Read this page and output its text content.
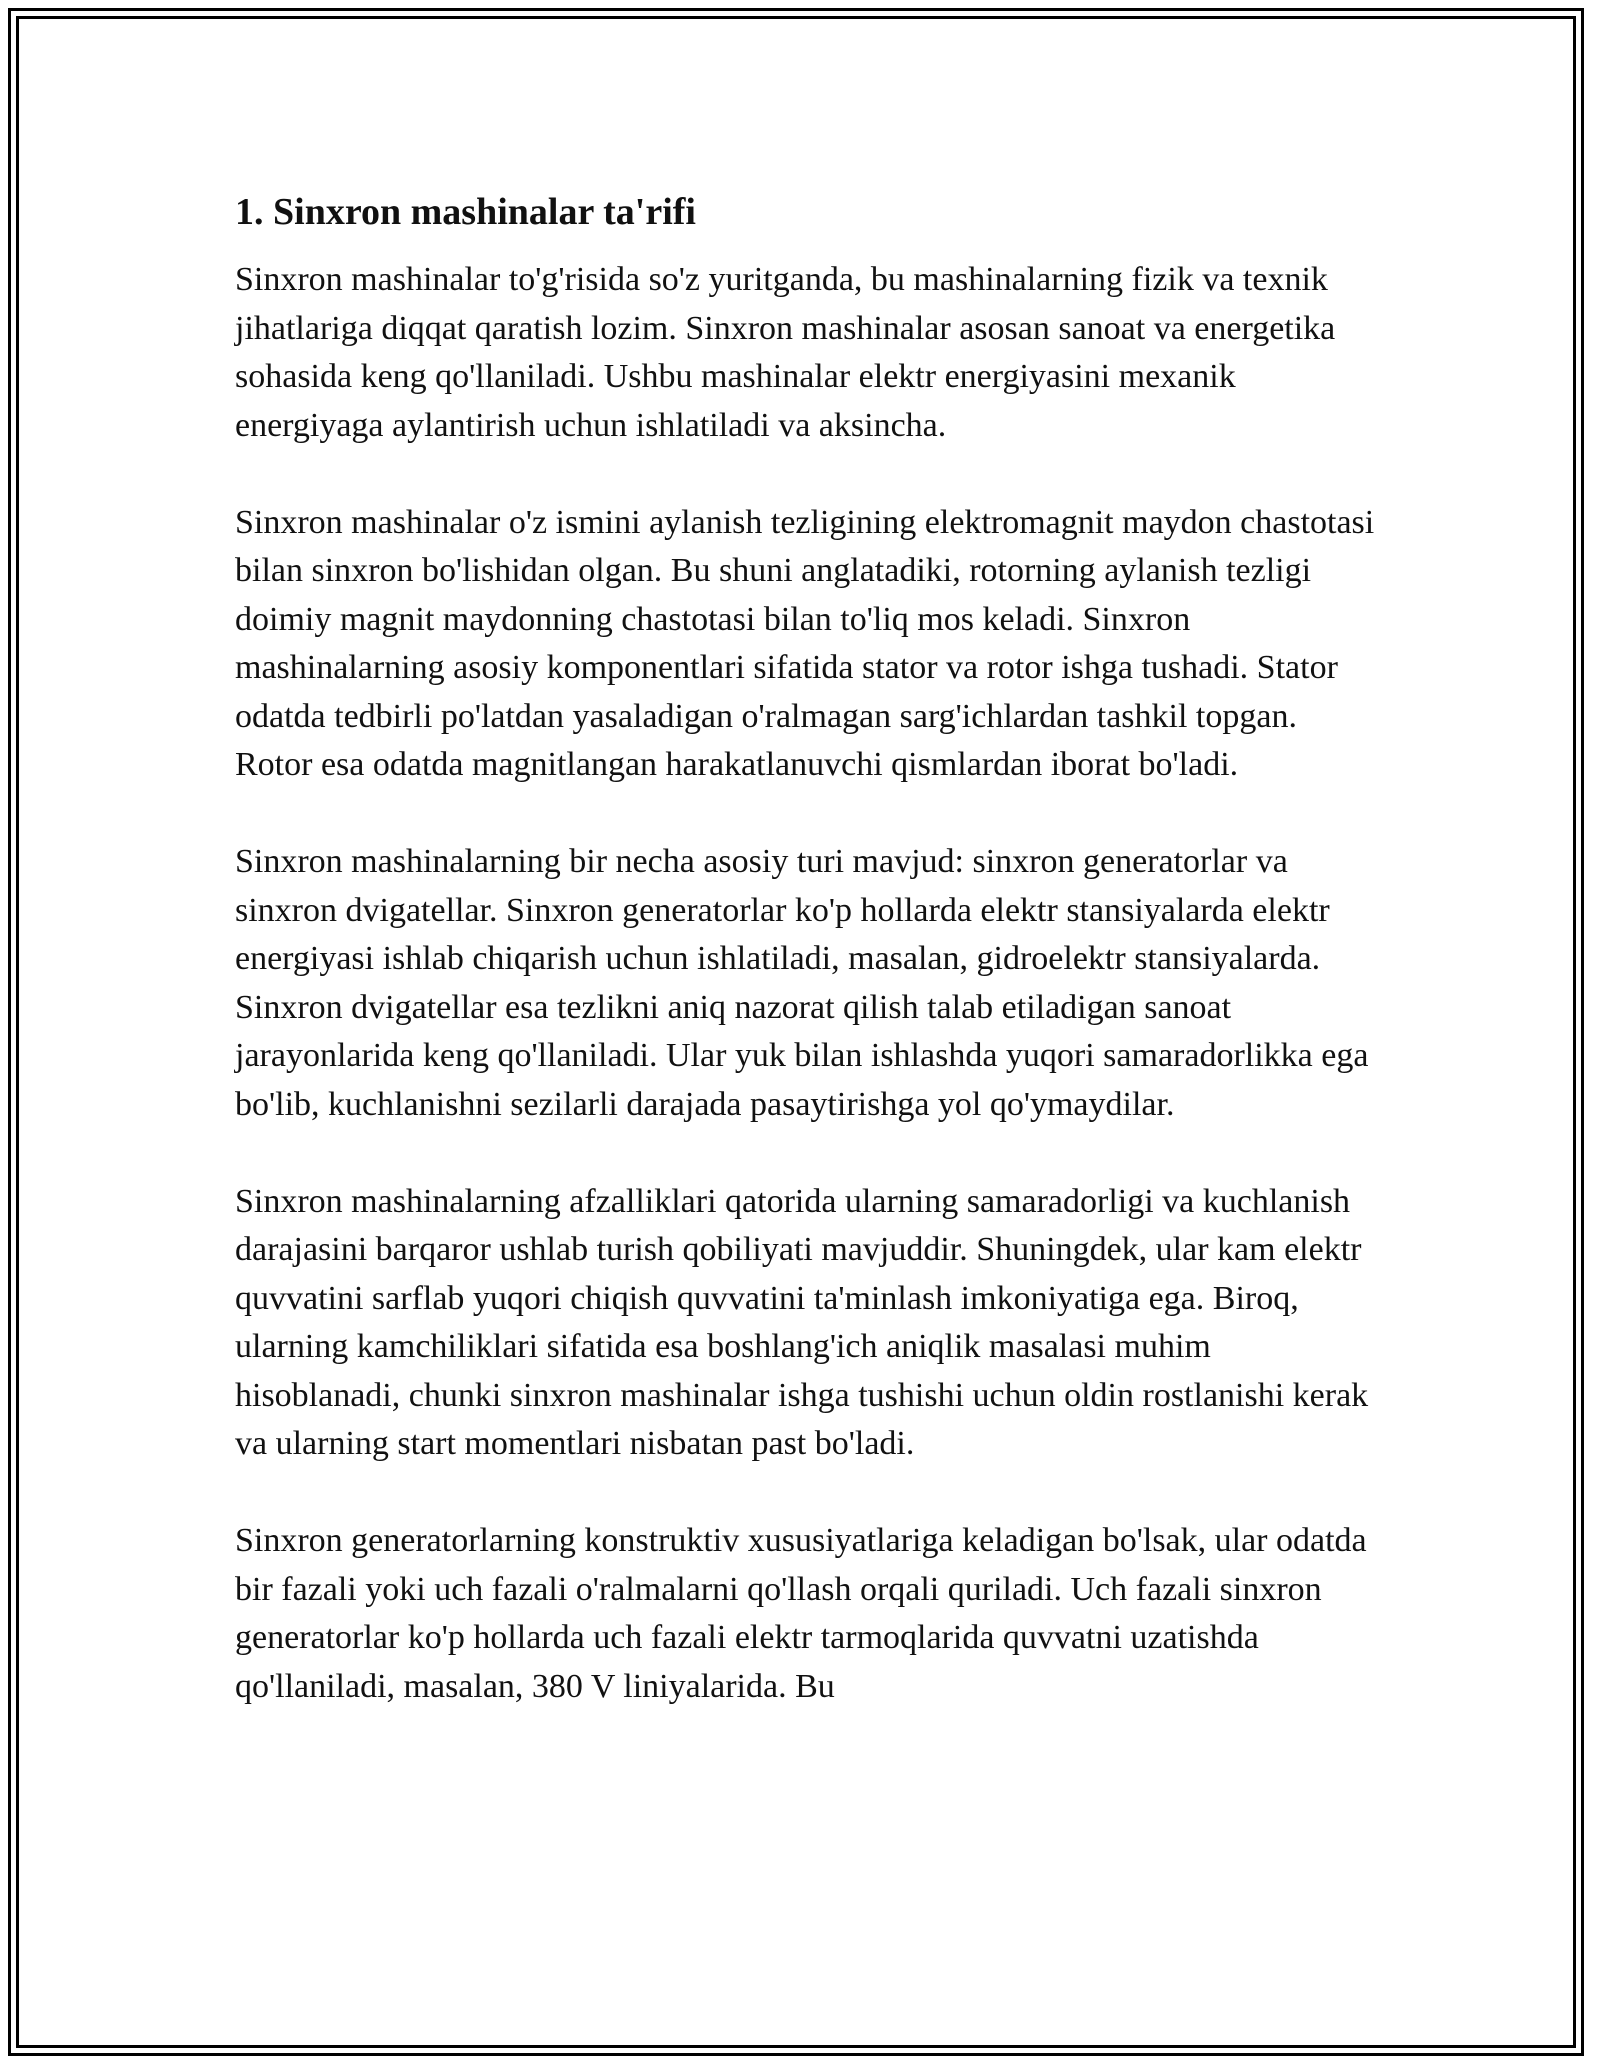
1. Sinxron mashinalar ta'rifi

Sinxron mashinalar to'g'risida so'z yuritganda, bu mashinalarning fizik va texnik jihatlariga diqqat qaratish lozim. Sinxron mashinalar asosan sanoat va energetika sohasida keng qo'llaniladi. Ushbu mashinalar elektr energiyasini mexanik energiyaga aylantirish uchun ishlatiladi va aksincha.

Sinxron mashinalar o'z ismini aylanish tezligining elektromagnit maydon chastotasi bilan sinxron bo'lishidan olgan. Bu shuni anglatadiki, rotorning aylanish tezligi doimiy magnit maydonning chastotasi bilan to'liq mos keladi. Sinxron mashinalarning asosiy komponentlari sifatida stator va rotor ishga tushadi. Stator odatda tedbirli po'latdan yasaladigan o'ralmagan sarg'ichlardan tashkil topgan. Rotor esa odatda magnitlangan harakatlanuvchi qismlardan iborat bo'ladi.

Sinxron mashinalarning bir necha asosiy turi mavjud: sinxron generatorlar va sinxron dvigatellar. Sinxron generatorlar ko'p hollarda elektr stansiyalarda elektr energiyasi ishlab chiqarish uchun ishlatiladi, masalan, gidroelektr stansiyalarda. Sinxron dvigatellar esa tezlikni aniq nazorat qilish talab etiladigan sanoat jarayonlarida keng qo'llaniladi. Ular yuk bilan ishlashda yuqori samaradorlikka ega bo'lib, kuchlanishni sezilarli darajada pasaytirishga yol qo'ymaydilar.

Sinxron mashinalarning afzalliklari qatorida ularning samaradorligi va kuchlanish darajasini barqaror ushlab turish qobiliyati mavjuddir. Shuningdek, ular kam elektr quvvatini sarflab yuqori chiqish quvvatini ta'minlash imkoniyatiga ega. Biroq, ularning kamchiliklari sifatida esa boshlang'ich aniqlik masalasi muhim hisoblanadi, chunki sinxron mashinalar ishga tushishi uchun oldin rostlanishi kerak va ularning start momentlari nisbatan past bo'ladi.

Sinxron generatorlarning konstruktiv xususiyatlariga keladigan bo'lsak, ular odatda bir fazali yoki uch fazali o'ralmalarni qo'llash orqali quriladi. Uch fazali sinxron generatorlar ko'p hollarda uch fazali elektr tarmoqlarida quvvatni uzatishda qo'llaniladi, masalan, 380 V liniyalarida. Bu
